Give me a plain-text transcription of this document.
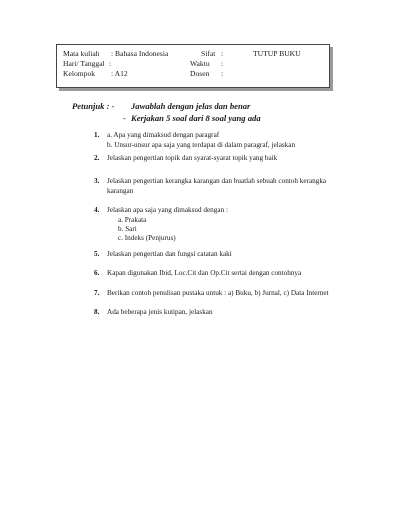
Mata kuliah : Bahasa Indonesia	Sifat :	TUTUP BUKU
Hari/ Tanggal :	Waktu :
Kelompok : A12	Dosen :
Petunjuk : - Jawablah dengan jelas dan benar
- Kerjakan 5 soal dari 8 soal yang ada
1. a. Apa yang dimaksud dengan paragraf
b. Unsur-unsur apa saja yang terdapat di dalam paragraf, jelaskan
2. Jelaskan pengertian topik dan syarat-syarat topik yang baik
3. Jelaskan pengertian kerangka karangan dan buatlah sebuah contoh kerangka
karangan
4. Jelaskan apa saja yang dimaksud dengan :
a. Prakata
b. Sari
c. Indeks (Penjurus)
5. Jelaskan pengertian dan fungsi catatan kaki
6. Kapan digunakan Ibid, Loc.Cit dan Op.Cit sertai dengan contohnya
7. Berikan contoh penulisan pustaka untuk : a) Buku, b) Jurnal, c) Data Internet
8. Ada beberapa jenis kutipan, jelaskan
